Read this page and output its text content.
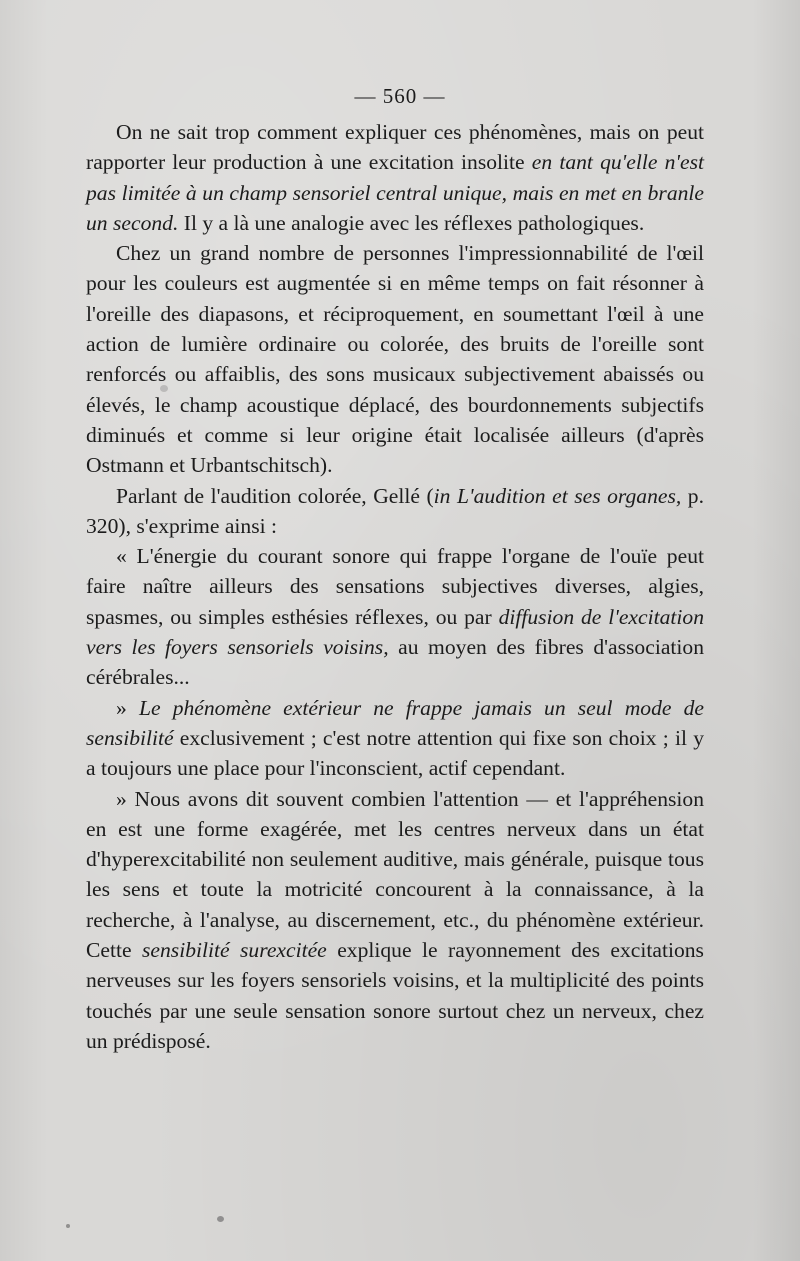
— 560 —

On ne sait trop comment expliquer ces phénomènes, mais on peut rapporter leur production à une excitation insolite en tant qu'elle n'est pas limitée à un champ sensoriel central unique, mais en met en branle un second. Il y a là une analogie avec les réflexes pathologiques.

Chez un grand nombre de personnes l'impressionnabilité de l'œil pour les couleurs est augmentée si en même temps on fait résonner à l'oreille des diapasons, et réciproquement, en soumettant l'œil à une action de lumière ordinaire ou colorée, des bruits de l'oreille sont renforcés ou affaiblis, des sons musicaux subjectivement abaissés ou élevés, le champ acoustique déplacé, des bourdonnements subjectifs diminués et comme si leur origine était localisée ailleurs (d'après Ostmann et Urbantschitsch).

Parlant de l'audition colorée, Gellé (in L'audition et ses organes, p. 320), s'exprime ainsi :

« L'énergie du courant sonore qui frappe l'organe de l'ouïe peut faire naître ailleurs des sensations subjectives diverses, algies, spasmes, ou simples esthésies réflexes, ou par diffusion de l'excitation vers les foyers sensoriels voisins, au moyen des fibres d'association cérébrales...

» Le phénomène extérieur ne frappe jamais un seul mode de sensibilité exclusivement ; c'est notre attention qui fixe son choix ; il y a toujours une place pour l'inconscient, actif cependant.

» Nous avons dit souvent combien l'attention — et l'appréhension en est une forme exagérée, met les centres nerveux dans un état d'hyperexcitabilité non seulement auditive, mais générale, puisque tous les sens et toute la motricité concourent à la connaissance, à la recherche, à l'analyse, au discernement, etc., du phénomène extérieur. Cette sensibilité surexcitée explique le rayonnement des excitations nerveuses sur les foyers sensoriels voisins, et la multiplicité des points touchés par une seule sensation sonore surtout chez un nerveux, chez un prédisposé.
